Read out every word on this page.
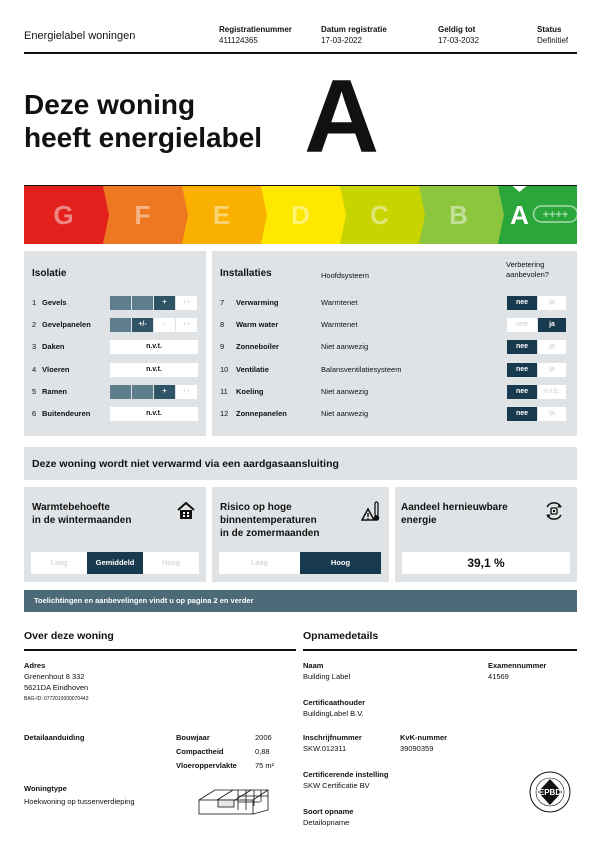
Energielabel woningen
Registratienummer
411124365
Datum registratie
17-03-2022
Geldig tot
17-03-2032
Status
Definitief
Deze woning
heeft energielabel A
G F E D C B A ++++
Isolatie
1 Gevels	+	++
2 Gevelpanelen	+/-	+	++
3 Daken	n.v.t.
4 Vloeren	n.v.t.
5 Ramen	+	++
6 Buitendeuren	n.v.t.
Installaties	Hoofdsysteem
Verbetering
aanbevolen?
7 Verwarming	Warmtenet	nee	ja
8 Warm water	Warmtenet	nee	ja
9 Zonneboiler	Niet aanwezig	nee	ja
10 Ventilatie	Balansventilatiesysteem	nee	ja
11 Koeling	Niet aanwezig	nee	n.t.b.
12 Zonnepanelen	Niet aanwezig	nee	ja
Deze woning wordt niet verwarmd via een aardgasaansluiting
Warmtebehoefte
in de wintermaanden
Laag	Gemiddeld	Hoog
Risico op hoge
binnentemperaturen
in de zomermaanden
Laag	Hoog
Aandeel hernieuwbare
energie
39,1 %
Toelichtingen en aanbevelingen vindt u op pagina 2 en verder
Over deze woning
Adres
Grenenhout 8 332
5621DA Eindhoven
BAG-ID: 0772010000070443
Detailaanduiding	Bouwjaar	2006
Compactheid	0,88
Vloeroppervlakte 75 m²
Woningtype
Hoekwoning op tussenverdieping
Opnamedetails
Naam
Building Label
Examennummer
41569
Certificaathouder
BuildingLabel B.V.
Inschrijfnummer
SKW.012311
KvK-nummer
39090359
Certificerende instelling
SKW Certificatie BV
Soort opname
Detailopname
EPBD
